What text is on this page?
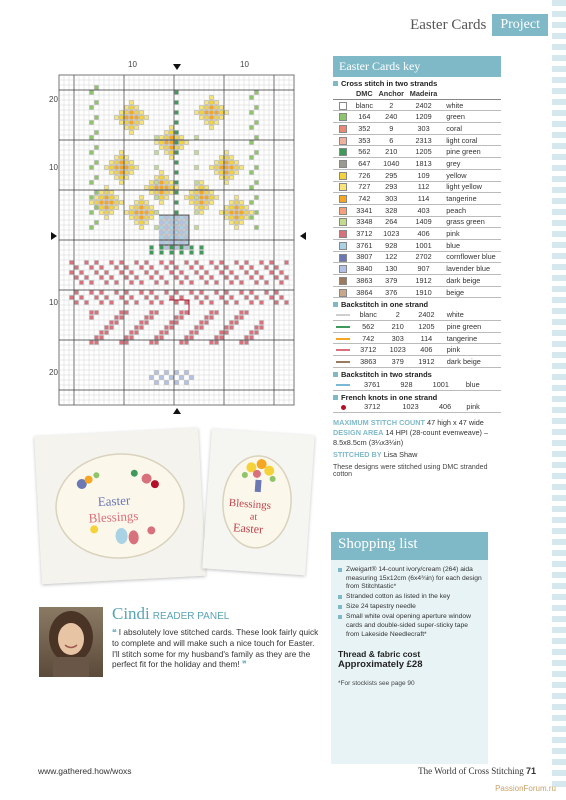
Easter Cards	Project
10	10
20
10
10
20
Easter Cards key
Cross stitch in two strands
	DMC	Anchor	Madeira	
	blanc	2	2402	white
	164	240	1209	green
	352	9	303	coral
	353	6	2313	light coral
	562	210	1205	pine green
	647	1040	1813	grey
	726	295	109	yellow
	727	293	112	light yellow
	742	303	114	tangerine
	3341	328	403	peach
	3348	264	1409	grass green
	3712	1023	406	pink
	3761	928	1001	blue
	3807	122	2702	cornflower blue
	3840	130	907	lavender blue
	3863	379	1912	dark beige
	3864	376	1910	beige
Backstitch in one strand
	blanc	2	2402	white
	562	210	1205	pine green
	742	303	114	tangerine
	3712	1023	406	pink
	3863	379	1912	dark beige
Backstitch in two strands
	3761	928	1001	blue
French knots in one strand
	3712	1023	406	pink
MAXIMUM STITCH COUNT 47 high x 47 wide
DESIGN AREA 14 HPI (28-count evenweave) – 8.5x8.5cm (3¼x3¼in)
STITCHED BY Lisa Shaw
These designs were stitched using DMC stranded cotton
Easter
Blessings
Blessings
at
Easter
Shopping list
Zweigart® 14-count ivory/cream (264) aida measuring 15x12cm (6x4¾in) for each design from Stitchtastic*
Stranded cotton as listed in the key
Size 24 tapestry needle
Small white oval opening aperture window cards and double-sided super-sticky tape from Lakeside Needlecraft*
Thread & fabric cost
Approximately £28
*For stockists see page 90
Cindi READER PANEL
❝ I absolutely love stitched cards. These look fairly quick to complete and will make such a nice touch for Easter. I'll stitch some for my husband's family as they are the perfect fit for the holiday and them! ❞
www.gathered.how/woxs	The World of Cross Stitching 71
PassionForum.ru
